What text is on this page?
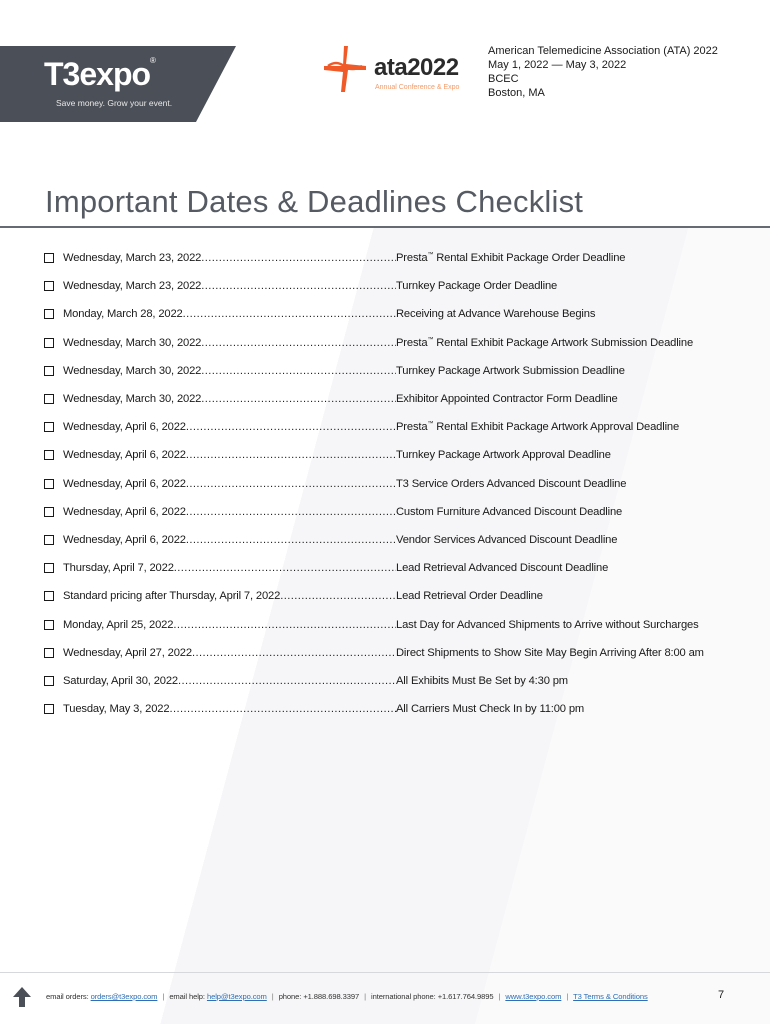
T3expo®
Save money. Grow your event.
ata2022
Annual Conference & Expo
American Telemedicine Association (ATA) 2022
May 1, 2022 — May 3, 2022
BCEC
Boston, MA
Important Dates & Deadlines Checklist
Wednesday, March 23, 2022 .....	Presta™ Rental Exhibit Package Order Deadline
Wednesday, March 23, 2022 .....	Turnkey Package Order Deadline
Monday, March 28, 2022 .....	Receiving at Advance Warehouse Begins
Wednesday, March 30, 2022 .....	Presta™ Rental Exhibit Package Artwork Submission Deadline
Wednesday, March 30, 2022 .....	Turnkey Package Artwork Submission Deadline
Wednesday, March 30, 2022 .....	Exhibitor Appointed Contractor Form Deadline
Wednesday, April 6, 2022 .....	Presta™ Rental Exhibit Package Artwork Approval Deadline
Wednesday, April 6, 2022 .....	Turnkey Package Artwork Approval Deadline
Wednesday, April 6, 2022 .....	T3 Service Orders Advanced Discount Deadline
Wednesday, April 6, 2022 .....	Custom Furniture Advanced Discount Deadline
Wednesday, April 6, 2022 .....	Vendor Services Advanced Discount Deadline
Thursday, April 7, 2022 .....	Lead Retrieval Advanced Discount Deadline
Standard pricing after Thursday, April 7, 2022 .....	Lead Retrieval Order Deadline
Monday, April 25, 2022 .....	Last Day for Advanced Shipments to Arrive without Surcharges
Wednesday, April 27, 2022 .....	Direct Shipments to Show Site May Begin Arriving After 8:00 am
Saturday, April 30, 2022 .....	All Exhibits Must Be Set by 4:30 pm
Tuesday, May 3, 2022 .....	All Carriers Must Check In by 11:00 pm
email orders: orders@t3expo.com | email help: help@t3expo.com | phone: +1.888.698.3397 | international phone: +1.617.764.9895 | www.t3expo.com | T3 Terms & Conditions	7
